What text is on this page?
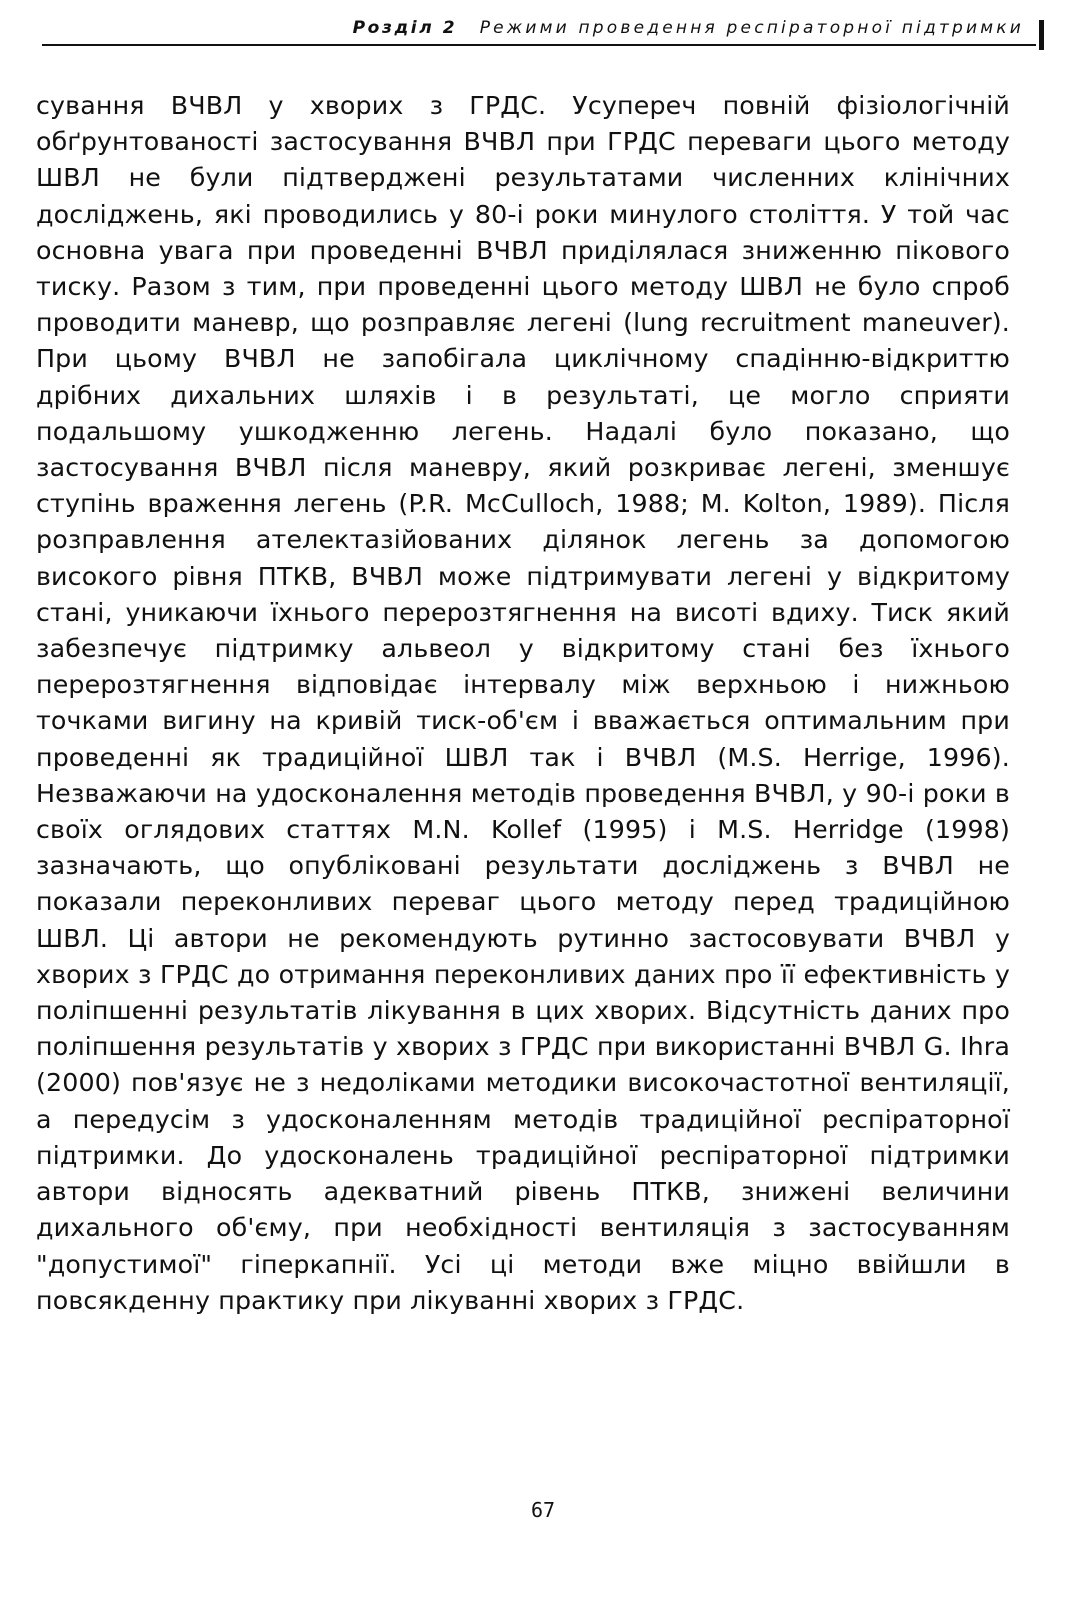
Розділ 2 Режими проведення респіраторної підтримки
сування ВЧВЛ у хворих з ГРДС. Усупереч повній фізіологічній обґрунтованості застосування ВЧВЛ при ГРДС переваги цього методу ШВЛ не були підтверджені результатами численних клінічних досліджень, які проводились у 80-і роки минулого століття. У той час основна увага при проведенні ВЧВЛ приділялася зниженню пікового тиску. Разом з тим, при проведенні цього методу ШВЛ не було спроб проводити маневр, що розправляє легені (lung recruitment maneuver). При цьому ВЧВЛ не запобігала циклічному спадінню-відкриттю дрібних дихальних шляхів і в результаті, це могло сприяти подальшому ушкодженню легень. Надалі було показано, що застосування ВЧВЛ після маневру, який розкриває легені, зменшує ступінь враження легень (P.R. McCulloch, 1988; M. Kolton, 1989). Після розправлення ателектазійованих ділянок легень за допомогою високого рівня ПТКВ, ВЧВЛ може підтримувати легені у відкритому стані, уникаючи їхнього перерозтягнення на висоті вдиху. Тиск який забезпечує підтримку альвеол у відкритому стані без їхнього перерозтягнення відповідає інтервалу між верхньою і нижньою точками вигину на кривій тиск-об'єм і вважається оптимальним при проведенні як традиційної ШВЛ так і ВЧВЛ (M.S. Herrige, 1996). Незважаючи на удосконалення методів проведення ВЧВЛ, у 90-і роки в своїх оглядових статтях M.N. Kollef (1995) і M.S. Herridge (1998) зазначають, що опубліковані результати досліджень з ВЧВЛ не показали переконливих переваг цього методу перед традиційною ШВЛ. Ці автори не рекомендують рутинно застосовувати ВЧВЛ у хворих з ГРДС до отримання переконливих даних про її ефективність у поліпшенні результатів лікування в цих хворих. Відсутність даних про поліпшення результатів у хворих з ГРДС при використанні ВЧВЛ G. Ihra (2000) пов'язує не з недоліками методики високочастотної вентиляції, а передусім з удосконаленням методів традиційної респіраторної підтримки. До удосконалень традиційної респіраторної підтримки автори відносять адекватний рівень ПТКВ, знижені величини дихального об'єму, при необхідності вентиляція з застосуванням "допустимої" гіперкапнії. Усі ці методи вже міцно ввійшли в повсякденну практику при лікуванні хворих з ГРДС.
67
